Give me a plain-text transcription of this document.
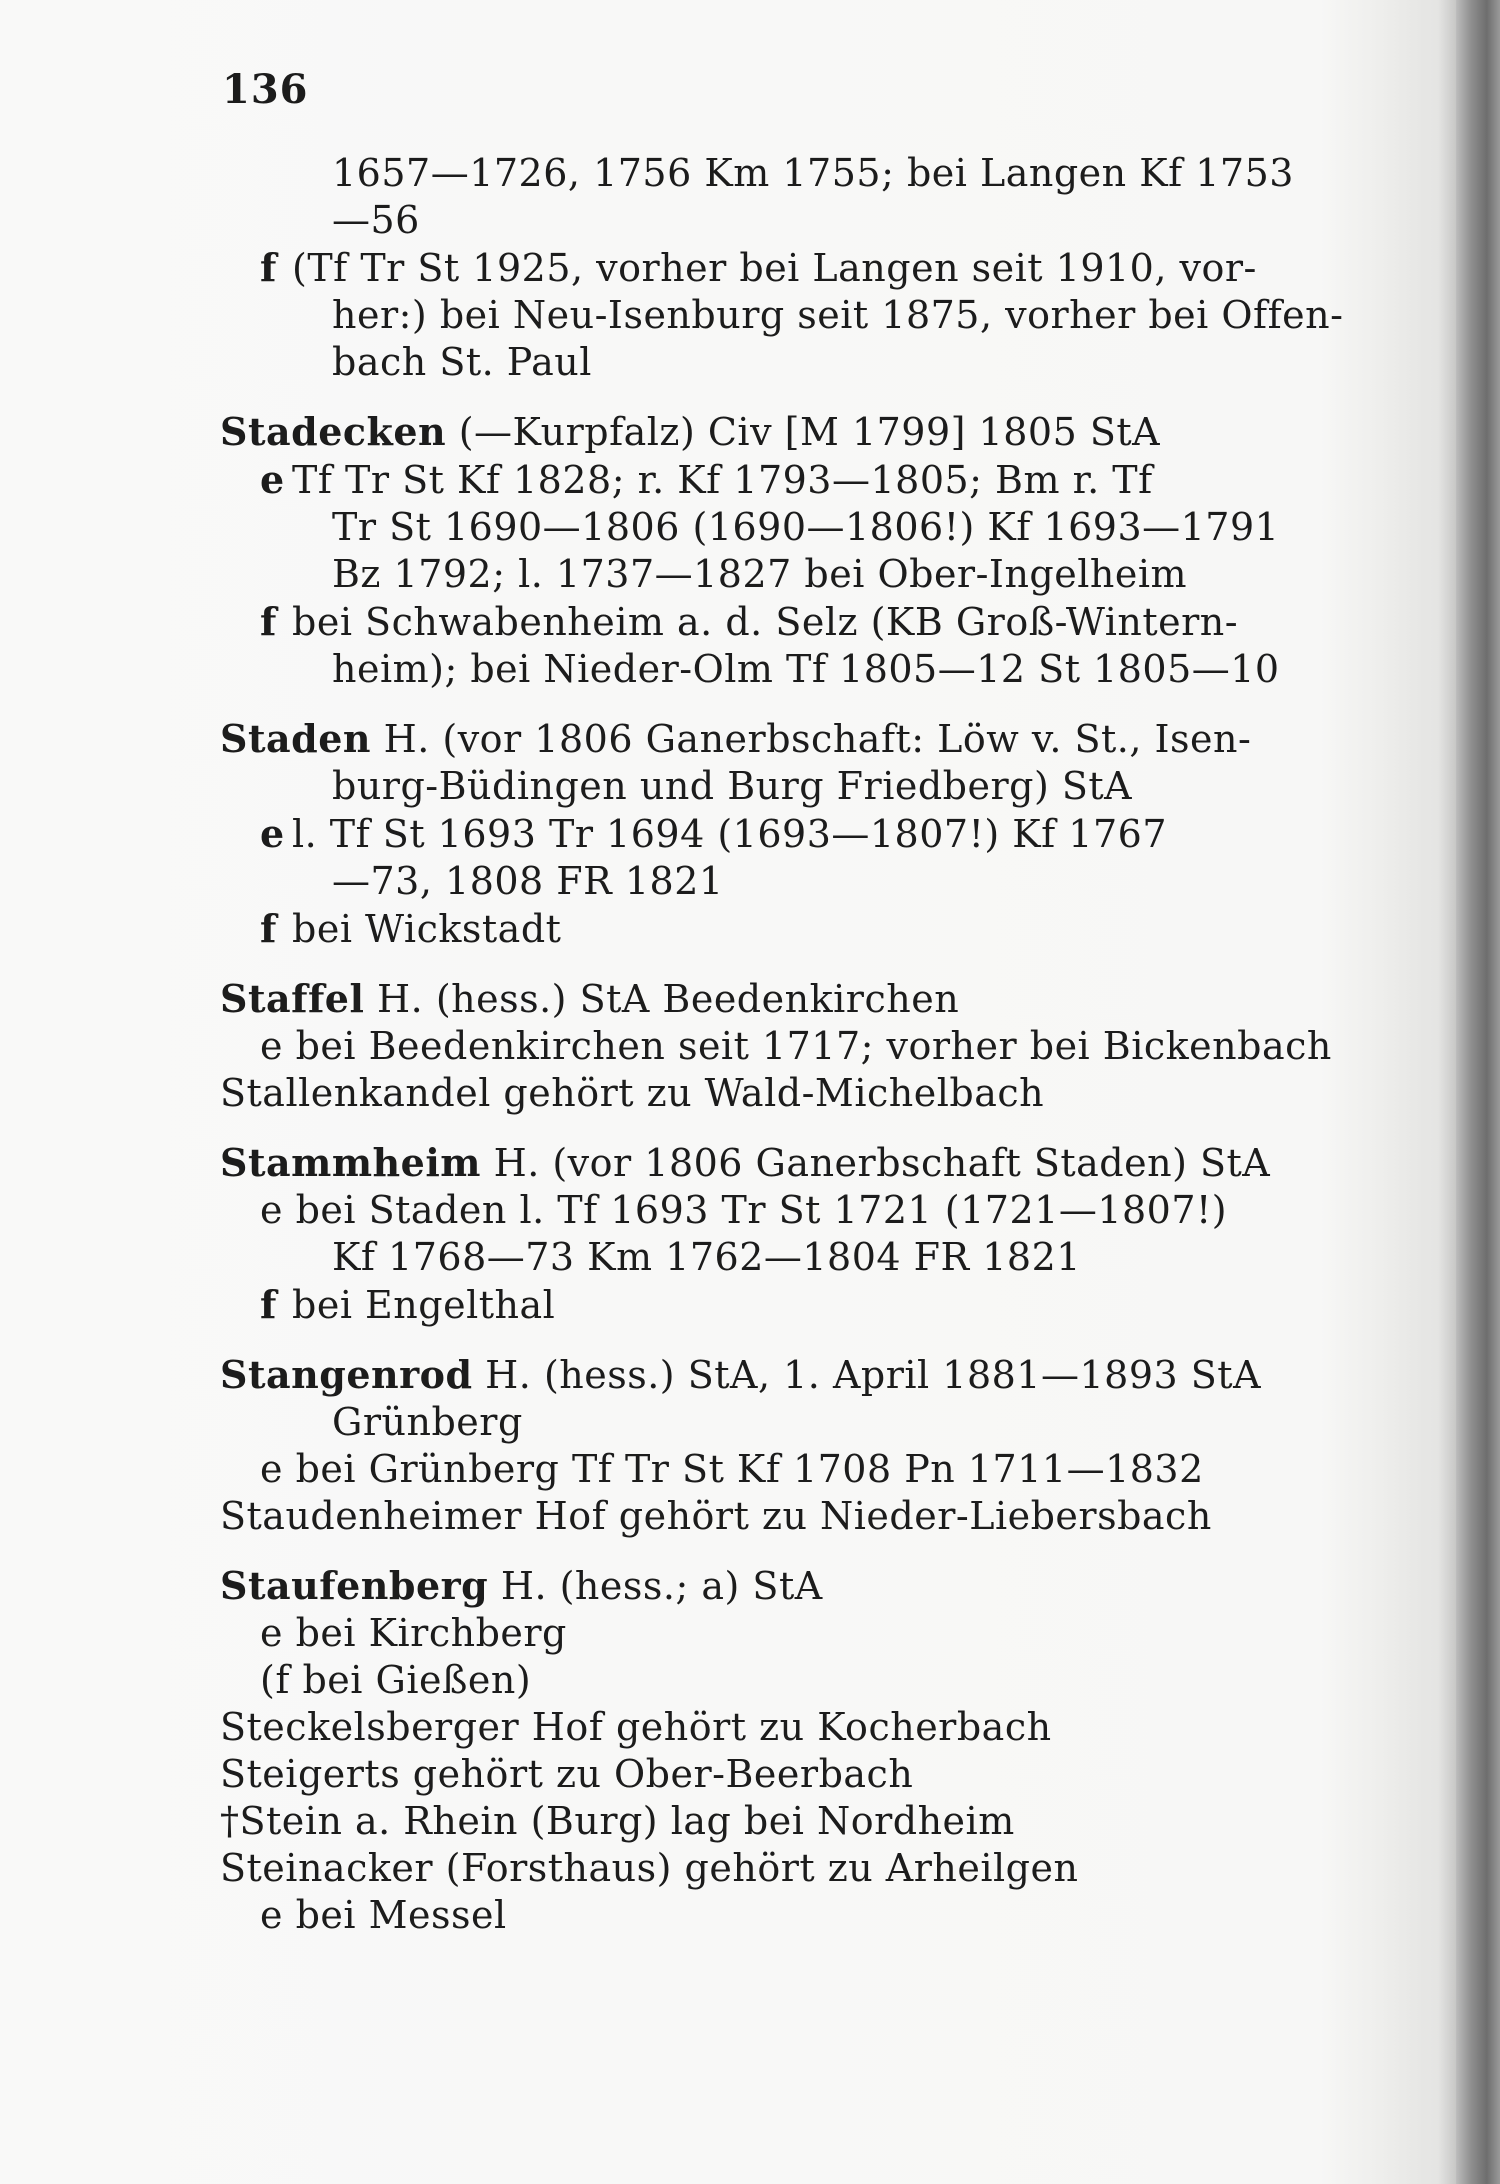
136
1657—1726, 1756 Km 1755; bei Langen Kf 1753
—56
f (Tf Tr St 1925, vorher bei Langen seit 1910, vor-
her:) bei Neu-Isenburg seit 1875, vorher bei Offen-
bach St. Paul
Stadecken (—Kurpfalz) Civ [M 1799] 1805 StA
e Tf Tr St Kf 1828; r. Kf 1793—1805; Bm r. Tf
Tr St 1690—1806 (1690—1806!) Kf 1693—1791
Bz 1792; l. 1737—1827 bei Ober-Ingelheim
f bei Schwabenheim a. d. Selz (KB Groß-Wintern-
heim); bei Nieder-Olm Tf 1805—12 St 1805—10
Staden H. (vor 1806 Ganerbschaft: Löw v. St., Isen-
burg-Büdingen und Burg Friedberg) StA
e l. Tf St 1693 Tr 1694 (1693—1807!) Kf 1767
—73, 1808 FR 1821
f bei Wickstadt
Staffel H. (hess.) StA Beedenkirchen
e bei Beedenkirchen seit 1717; vorher bei Bickenbach
Stallenkandel gehört zu Wald-Michelbach
Stammheim H. (vor 1806 Ganerbschaft Staden) StA
e bei Staden l. Tf 1693 Tr St 1721 (1721—1807!)
Kf 1768—73 Km 1762—1804 FR 1821
f bei Engelthal
Stangenrod H. (hess.) StA, 1. April 1881—1893 StA
Grünberg
e bei Grünberg Tf Tr St Kf 1708 Pn 1711—1832
Staudenheimer Hof gehört zu Nieder-Liebersbach
Staufenberg H. (hess.; a) StA
e bei Kirchberg
(f bei Gießen)
Steckelsberger Hof gehört zu Kocherbach
Steigerts gehört zu Ober-Beerbach
†Stein a. Rhein (Burg) lag bei Nordheim
Steinacker (Forsthaus) gehört zu Arheilgen
e bei Messel
